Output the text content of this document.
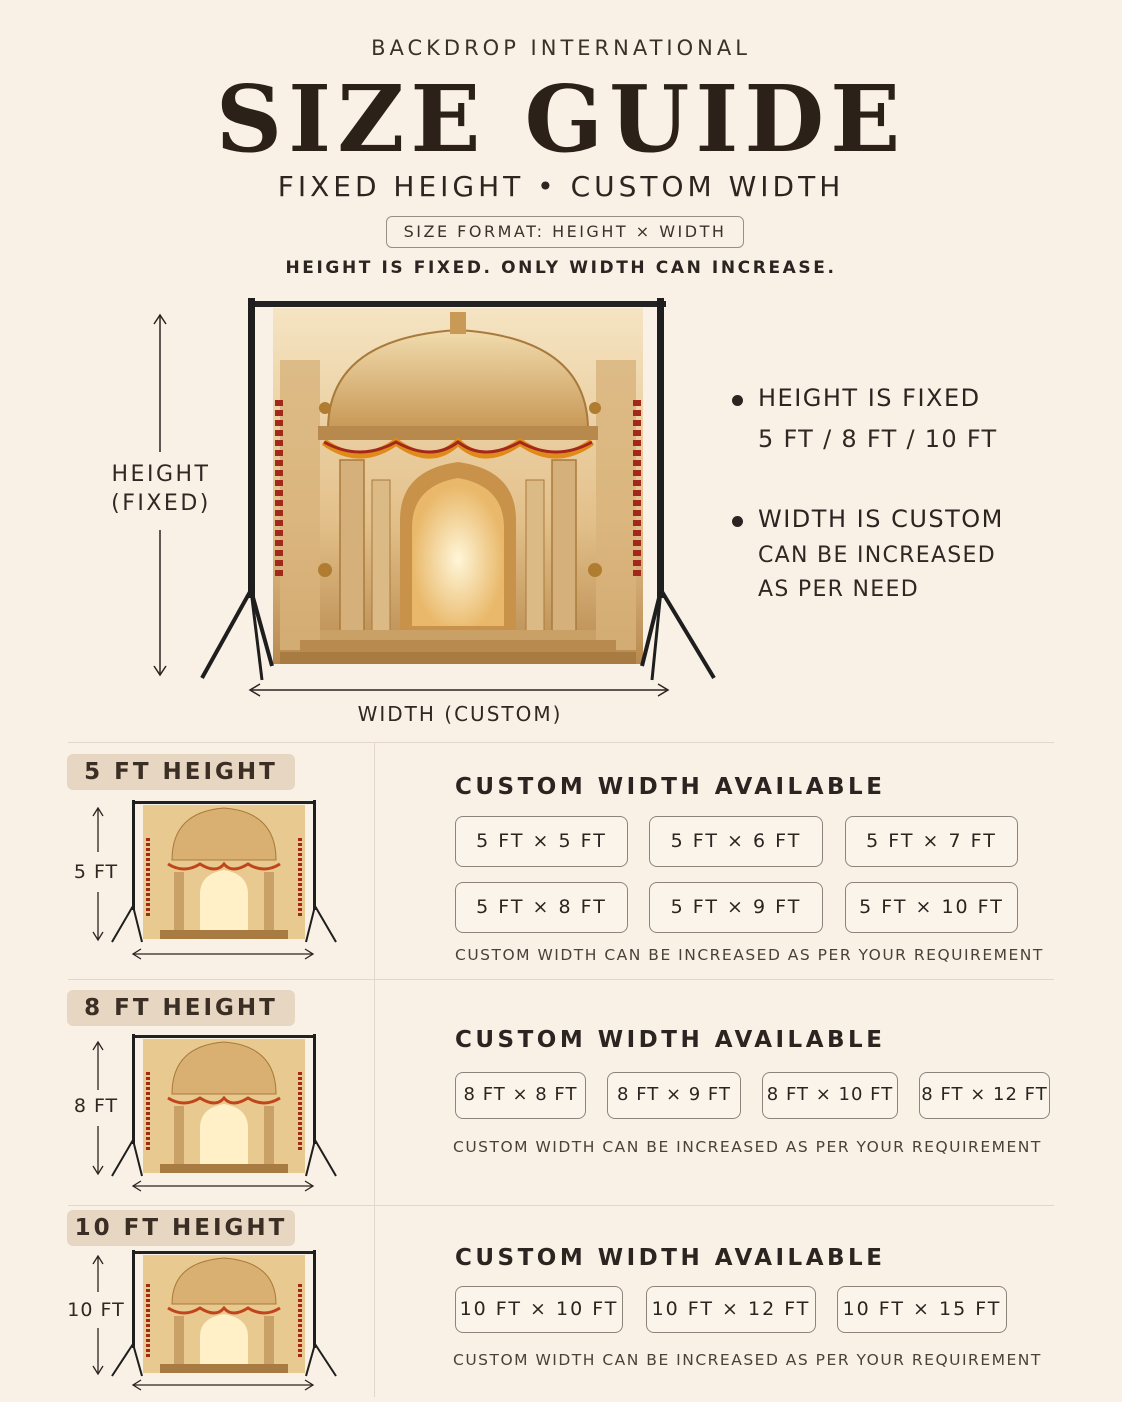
BACKDROP INTERNATIONAL
SIZE GUIDE
FIXED HEIGHT • CUSTOM WIDTH
SIZE FORMAT: HEIGHT × WIDTH
HEIGHT IS FIXED. ONLY WIDTH CAN INCREASE.
HEIGHT
(FIXED)
WIDTH (CUSTOM)
HEIGHT IS FIXED
5 FT / 8 FT / 10 FT
WIDTH IS CUSTOM
CAN BE INCREASED
AS PER NEED
5 FT HEIGHT
5 FT
CUSTOM WIDTH AVAILABLE
5 FT × 5 FT	5 FT × 6 FT	5 FT × 7 FT
5 FT × 8 FT	5 FT × 9 FT	5 FT × 10 FT
CUSTOM WIDTH CAN BE INCREASED AS PER YOUR REQUIREMENT
8 FT HEIGHT
8 FT
CUSTOM WIDTH AVAILABLE
8 FT × 8 FT	8 FT × 9 FT	8 FT × 10 FT 8 FT × 12 FT
CUSTOM WIDTH CAN BE INCREASED AS PER YOUR REQUIREMENT
10 FT HEIGHT
10 FT
CUSTOM WIDTH AVAILABLE
10 FT × 10 FT 10 FT × 12 FT 10 FT × 15 FT
CUSTOM WIDTH CAN BE INCREASED AS PER YOUR REQUIREMENT
